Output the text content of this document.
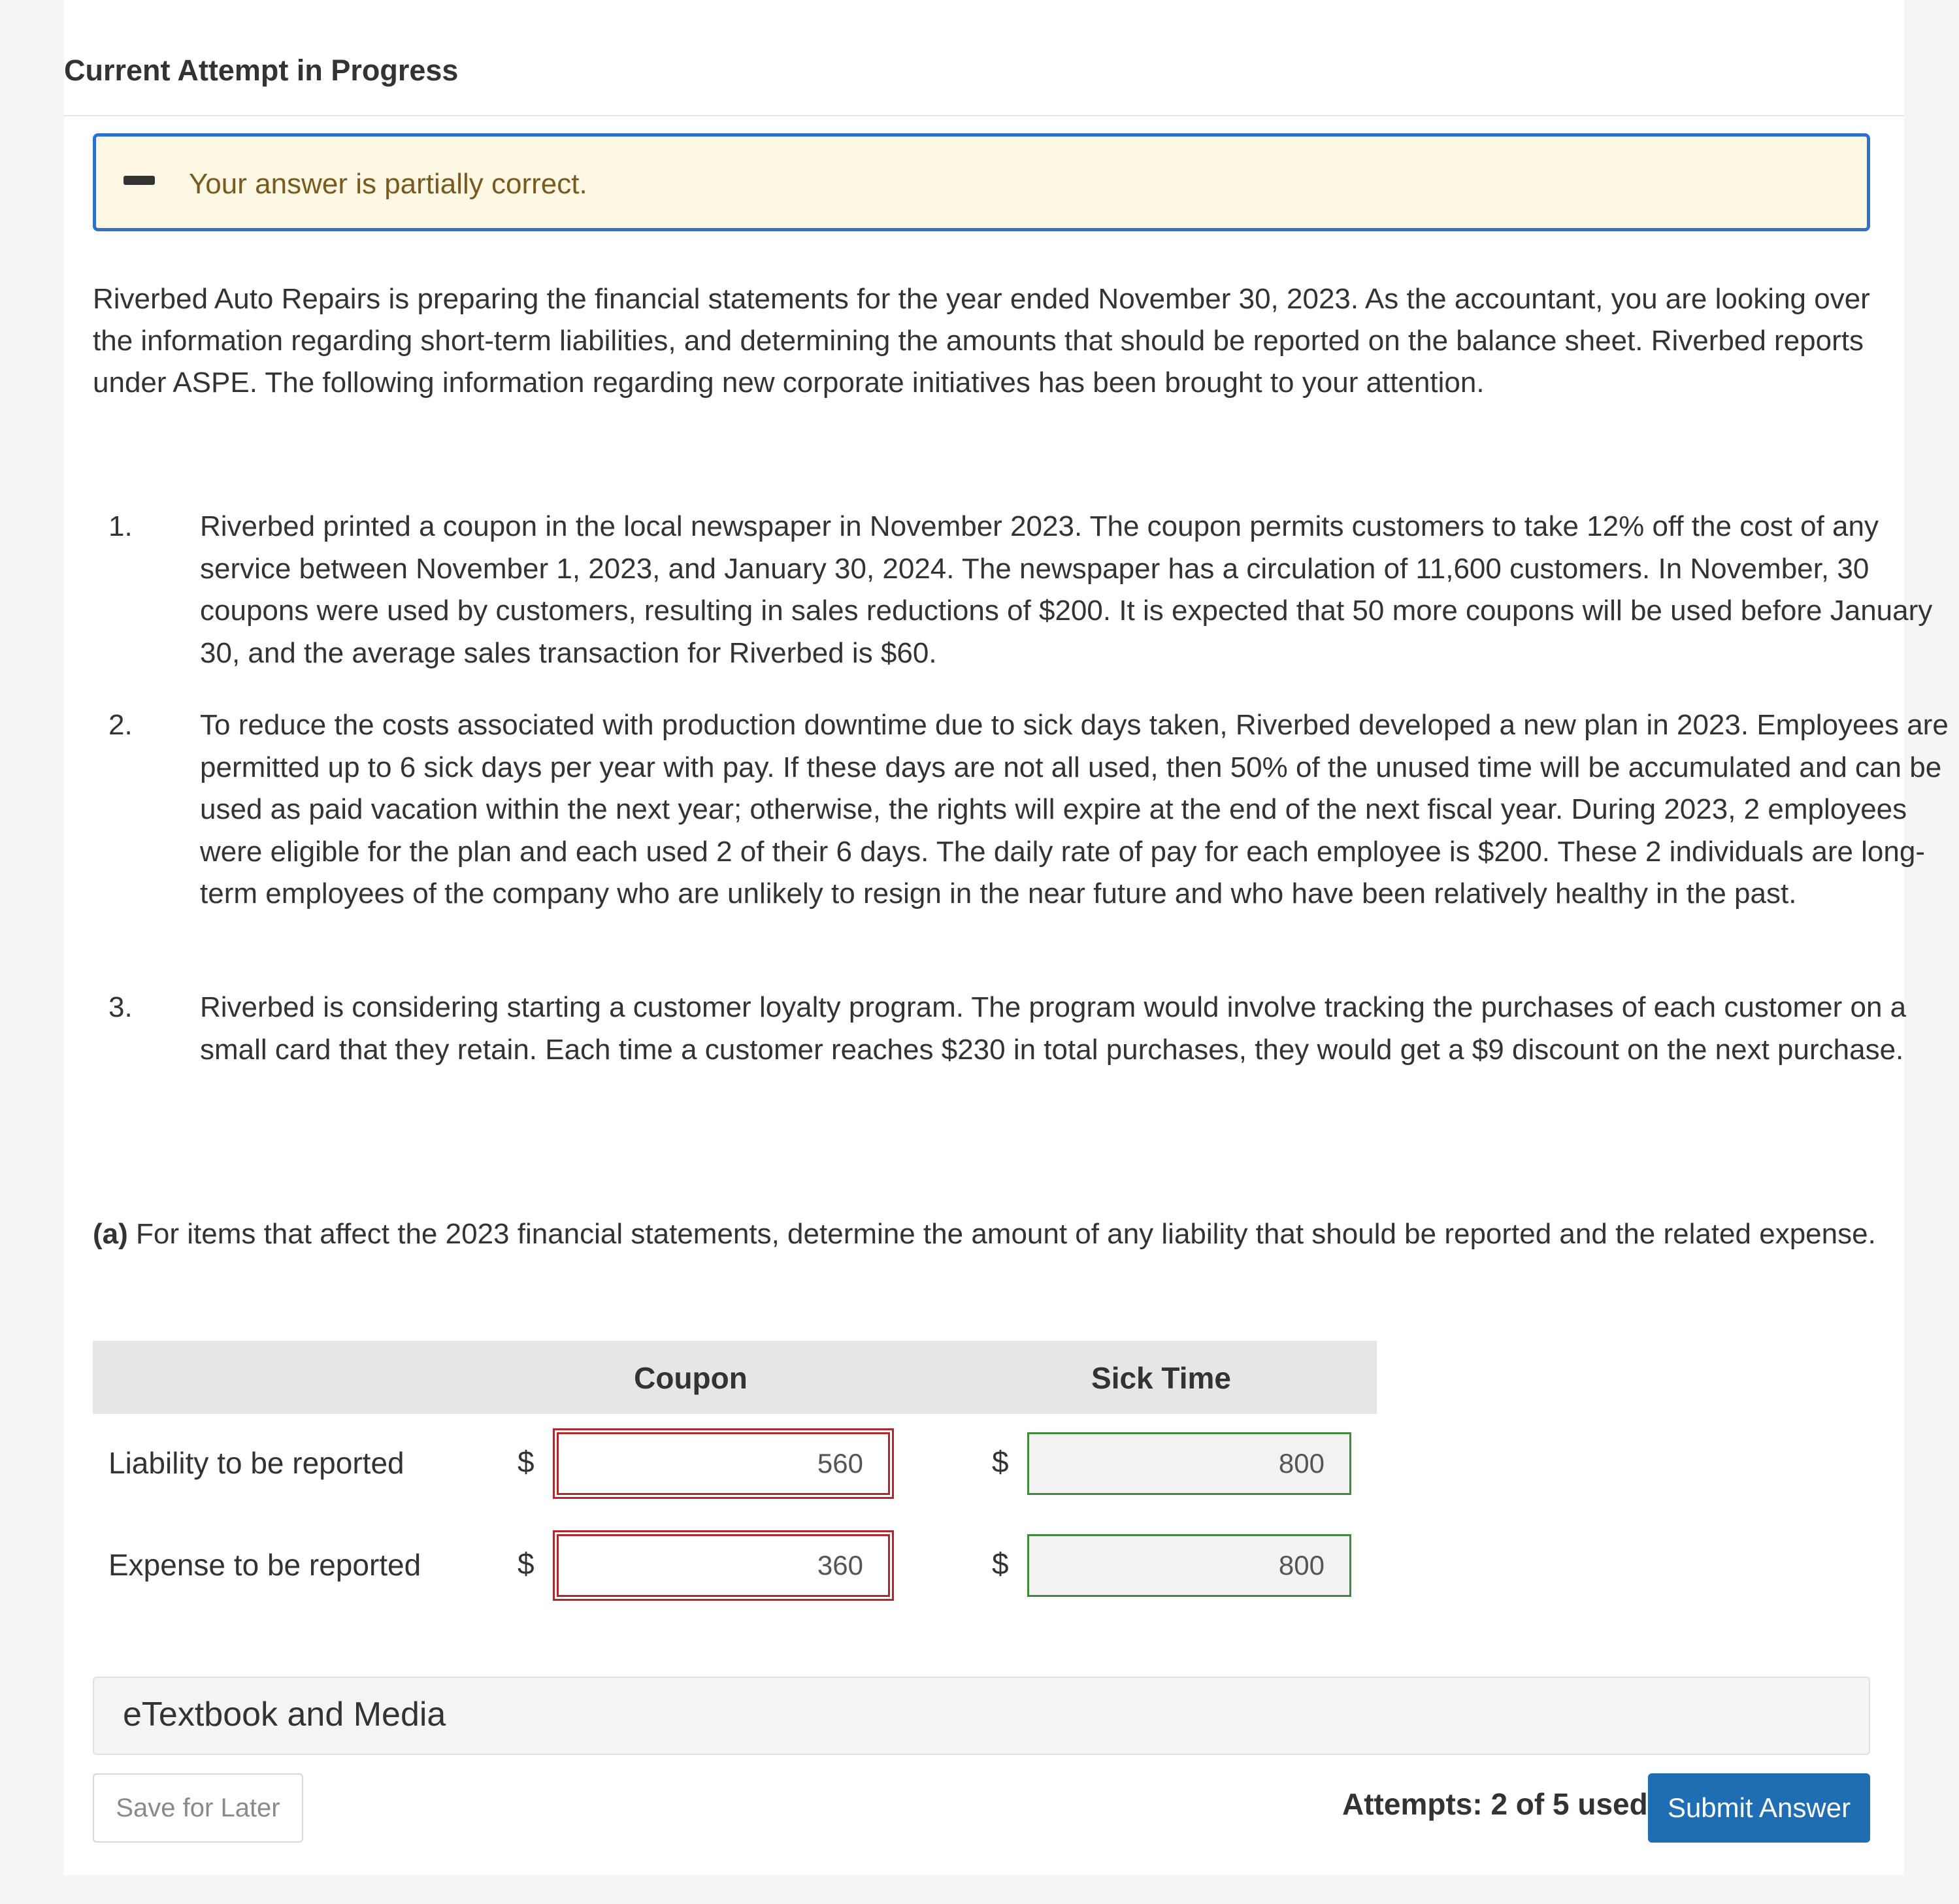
Current Attempt in Progress
Your answer is partially correct.
Riverbed Auto Repairs is preparing the financial statements for the year ended November 30, 2023. As the accountant, you are looking over the information regarding short-term liabilities, and determining the amounts that should be reported on the balance sheet. Riverbed reports under ASPE. The following information regarding new corporate initiatives has been brought to your attention.
1. Riverbed printed a coupon in the local newspaper in November 2023. The coupon permits customers to take 12% off the cost of any service between November 1, 2023, and January 30, 2024. The newspaper has a circulation of 11,600 customers. In November, 30 coupons were used by customers, resulting in sales reductions of $200. It is expected that 50 more coupons will be used before January 30, and the average sales transaction for Riverbed is $60.
2. To reduce the costs associated with production downtime due to sick days taken, Riverbed developed a new plan in 2023. Employees are permitted up to 6 sick days per year with pay. If these days are not all used, then 50% of the unused time will be accumulated and can be used as paid vacation within the next year; otherwise, the rights will expire at the end of the next fiscal year. During 2023, 2 employees were eligible for the plan and each used 2 of their 6 days. The daily rate of pay for each employee is $200. These 2 individuals are long-term employees of the company who are unlikely to resign in the near future and who have been relatively healthy in the past.
3. Riverbed is considering starting a customer loyalty program. The program would involve tracking the purchases of each customer on a small card that they retain. Each time a customer reaches $230 in total purchases, they would get a $9 discount on the next purchase.
(a) For items that affect the 2023 financial statements, determine the amount of any liability that should be reported and the related expense.
Coupon	Sick Time
Liability to be reported	$	560	$	800
Expense to be reported	$	360	$	800
eTextbook and Media
Save for Later	Attempts: 2 of 5 used Submit Answer
